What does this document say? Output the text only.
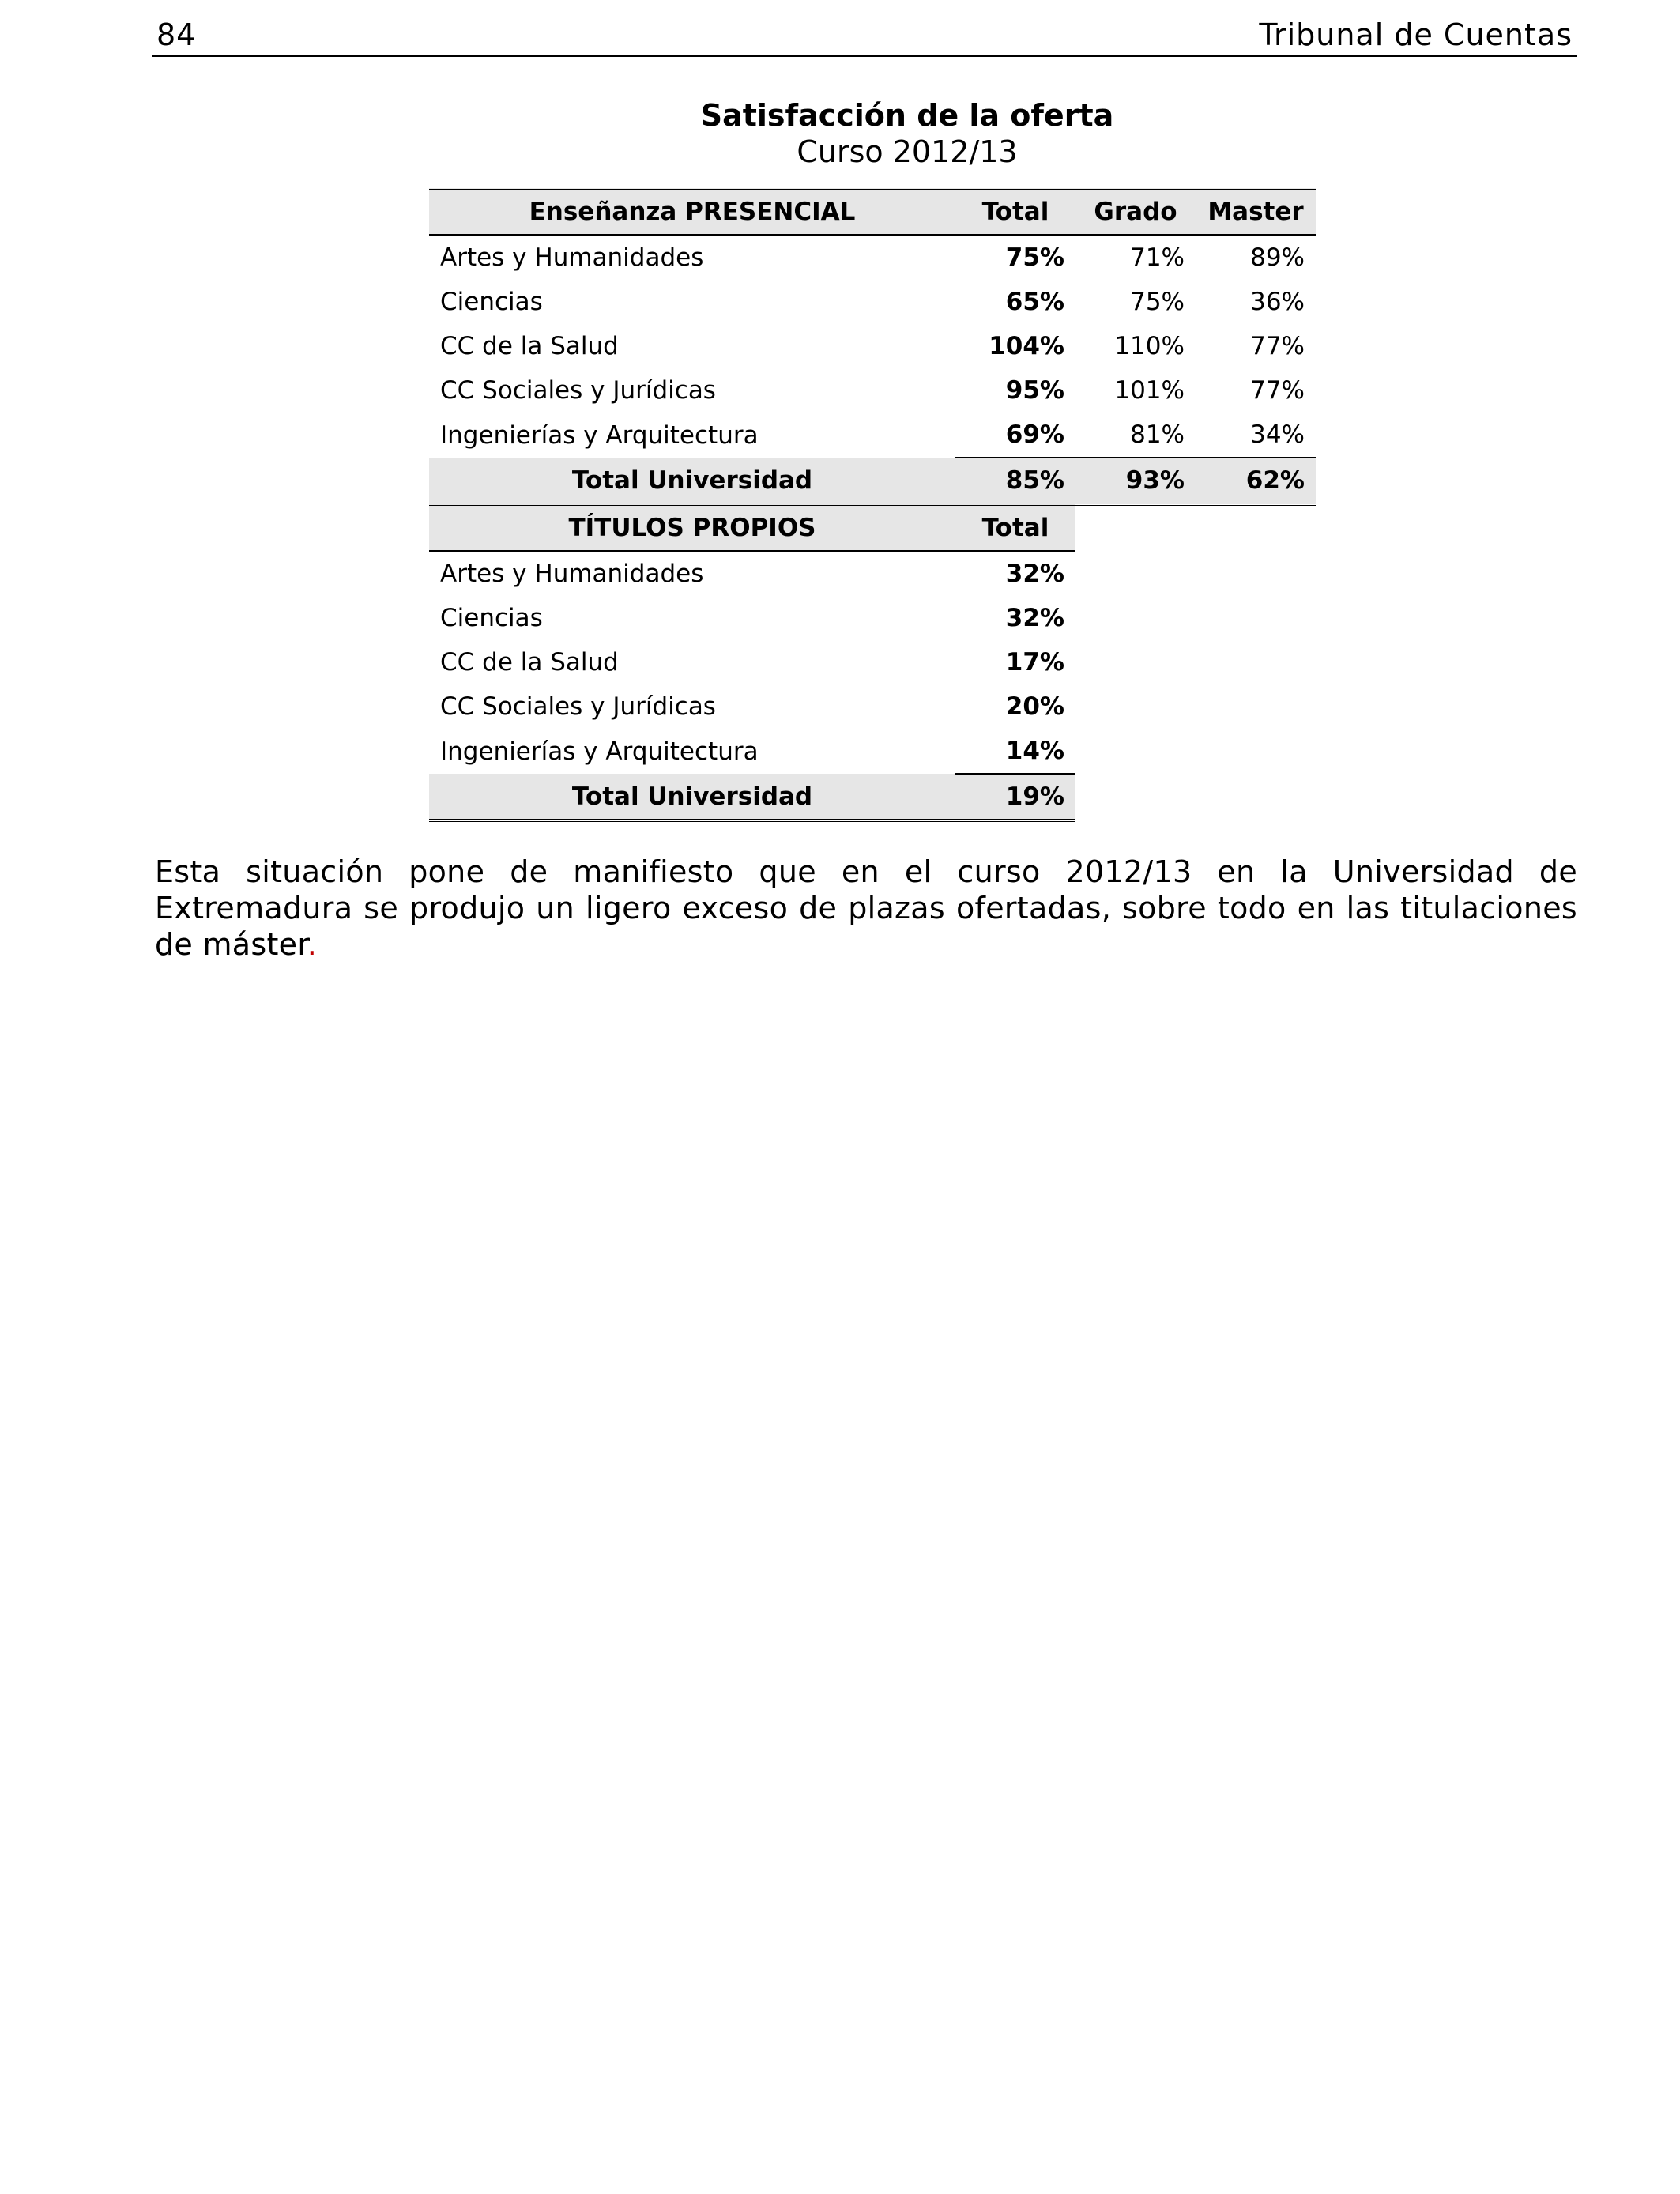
84	Tribunal de Cuentas
Satisfacción de la oferta
Curso 2012/13
Enseñanza PRESENCIAL	Total	Grado	Master
Artes y Humanidades	75%	71%	89%
Ciencias	65%	75%	36%
CC de la Salud	104%	110%	77%
CC Sociales y Jurídicas	95%	101%	77%
Ingenierías y Arquitectura	69%	81%	34%
Total Universidad	85%	93%	62%
TÍTULOS PROPIOS	Total		
Artes y Humanidades	32%		
Ciencias	32%		
CC de la Salud	17%		
CC Sociales y Jurídicas	20%		
Ingenierías y Arquitectura	14%		
Total Universidad	19%		
Esta situación pone de manifiesto que en el curso 2012/13 en la Universidad de Extremadura se produjo un ligero exceso de plazas ofertadas, sobre todo en las titulaciones de máster.
